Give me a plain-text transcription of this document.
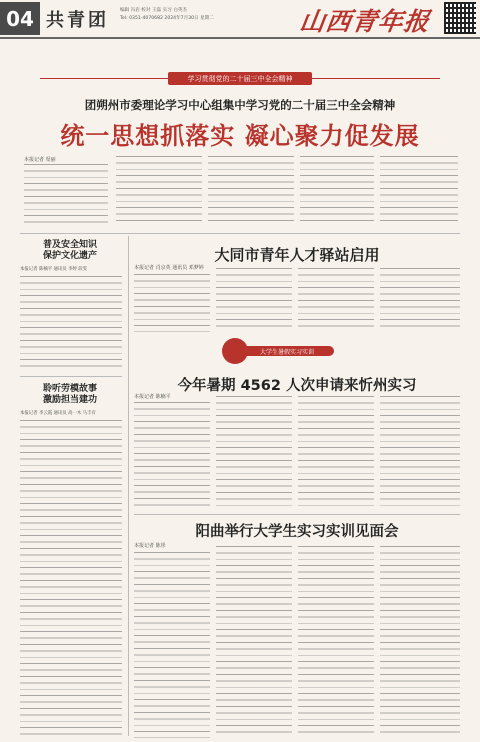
04 共青团 编辑 冯岩 校对 王磊 实习 白英杰
Tel: 0351-4070682 2024年7月30日 星期二	山西青年报
学习贯彻党的二十届三中全会精神
团朔州市委理论学习中心组集中学习党的二十届三中全会精神
统一思想抓落实 凝心聚力促发展
本报记者 渠丽
普及安全知识
保护文化遗产
本报记者 陈楠平 通讯员 李婷 段雯
大同市青年人才驿站启用
本报记者 肖京英 通讯员 邓梦婷
大学生暑假实习实训
聆听劳模故事
激励担当建功
本报记者 李云霞 通讯员 高一木 马丰有
今年暑期 4562 人次申请来忻州实习
本报记者 陈楠平
阳曲举行大学生实习实训见面会
本报记者 陈彤
